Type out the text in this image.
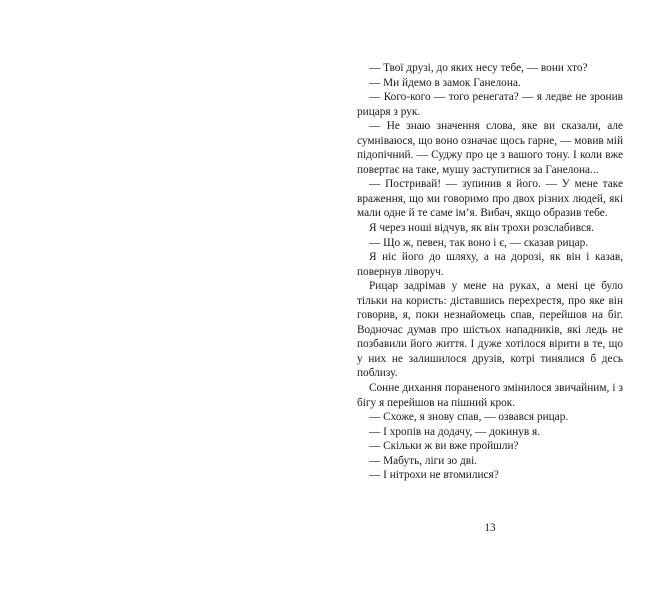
— Твої друзі, до яких несу тебе, — вони хто?

— Ми йдемо в замок Ганелона.

— Кого-кого — того ренегата? — я ледве не зронив рицаря з рук.

— Не знаю значення слова, яке ви сказали, але сумніваюся, що воно означає щось гарне, — мовив мій підопічний. — Суджу про це з вашого тону. І коли вже повертає на таке, мушу заступитися за Ганелона...

— Постривай! — зупинив я його. — У мене таке враження, що ми говоримо про двох різних людей, які мали одне й те саме ім’я. Вибач, якщо образив тебе.

Я через ноші відчув, як він трохи розслабився.

— Що ж, певен, так воно і є, — сказав рицар.

Я ніс його до шляху, а на дорозі, як він і казав, повернув ліворуч.

Рицар задрімав у мене на руках, а мені це було тільки на користь: діставшись перехрестя, про яке він говорив, я, поки незнайомець спав, перейшов на біг. Водночас думав про шістьох нападників, які ледь не позбавили його життя. І дуже хотілося вірити в те, що у них не залишилося друзів, котрі тинялися б десь поблизу.

Сонне дихання пораненого змінилося звичайним, і з бігу я перейшов на пішний крок.

— Схоже, я знову спав, — озвався рицар.

— І хропів на додачу, — докинув я.

— Скільки ж ви вже пройшли?

— Мабуть, ліги зо дві.

— І нітрохи не втомилися?

13
